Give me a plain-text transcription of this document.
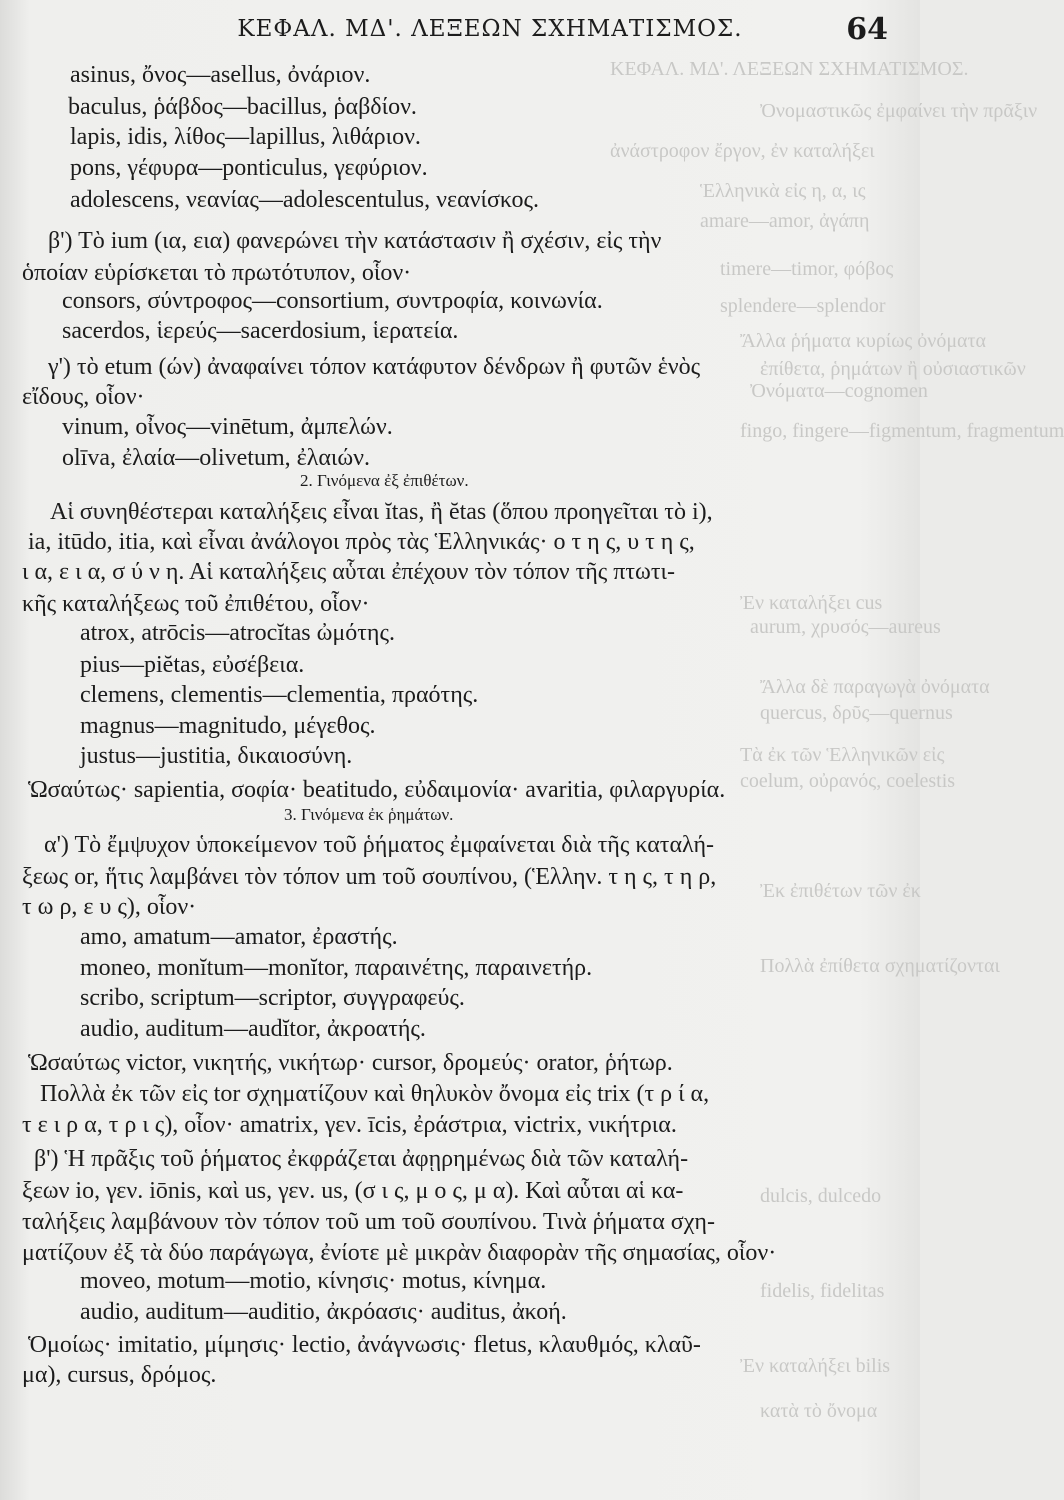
ΚΕΦΑΛ. ΜΔ'. ΛΕΞΕΩΝ ΣΧΗΜΑΤΙΣΜΟΣ.
Ὀνομαστικῶς ἐμφαίνει τὴν πρᾶξιν
ἀνάστροφον ἔργον, ἐν καταλήξει
Ἑλληνικὰ εἰς η, α, ις
amare—amor, ἀγάπη
timere—timor, φόβος
splendere—splendor
Ἄλλα ῥήματα κυρίως ὀνόματα
ἐπίθετα, ῥημάτων ἢ οὐσιαστικῶν
Ὀνόματα—cognomen
fingo, fingere—figmentum, fragmentum
Ἐν καταλήξει cus
aurum, χρυσός—aureus
Ἄλλα δὲ παραγωγὰ ὀνόματα
quercus, δρῦς—quernus
Τὰ ἐκ τῶν Ἑλληνικῶν εἰς
coelum, οὐρανός, coelestis
Ἐκ ἐπιθέτων τῶν ἐκ
Πολλὰ ἐπίθετα σχηματίζονται
dulcis, dulcedo
fidelis, fidelitas
Ἐν καταλήξει bilis
κατὰ τὸ ὄνομα
ΚΕΦΑΛ. ΜΔ'. ΛΕΞΕΩΝ ΣΧΗΜΑΤΙΣΜΟΣ.	64
asinus, ὄνος—asellus, ὀνάριον.
baculus, ῥάβδος—bacillus, ῥαβδίον.
lapis, idis, λίθος—lapillus, λιθάριον.
pons, γέφυρα—ponticulus, γεφύριον.
adolescens, νεανίας—adolescentulus, νεανίσκος.
β') Τὸ ium (ια, εια) φανερώνει τὴν κατάστασιν ἢ σχέσιν, εἰς τὴν
ὁποίαν εὑρίσκεται τὸ πρωτότυπον, οἷον·
consors, σύντροφος—consortium, συντροφία, κοινωνία.
sacerdos, ἱερεύς—sacerdosium, ἱερατεία.
γ') τὸ etum (ών) ἀναφαίνει τόπον κατάφυτον δένδρων ἢ φυτῶν ἑνὸς
εἴδους, οἷον·
vinum, οἶνος—vinētum, ἀμπελών.
olīva, ἐλαία—olivetum, ἐλαιών.
2. Γινόμενα ἐξ ἐπιθέτων.
Αἱ συνηθέστεραι καταλήξεις εἶναι ĭtas, ἢ ĕtas (ὅπου προηγεῖται τὸ i),
ia, itūdo, itia, καὶ εἶναι ἀνάλογοι πρὸς τὰς Ἑλληνικάς· ο τ η ς, υ τ η ς,
ι α, ε ι α, σ ύ ν η. Αἱ καταλήξεις αὗται ἐπέχουν τὸν τόπον τῆς πτωτι-
κῆς καταλήξεως τοῦ ἐπιθέτου, οἷον·
atrox, atrōcis—atrocĭtas ὠμότης.
pius—piĕtas, εὐσέβεια.
clemens, clementis—clementia, πραότης.
magnus—magnitudo, μέγεθος.
justus—justitia, δικαιοσύνη.
Ὡσαύτως· sapientia, σοφία· beatitudo, εὐδαιμονία· avaritia, φιλαργυρία.
3. Γινόμενα ἐκ ῥημάτων.
α') Τὸ ἔμψυχον ὑποκείμενον τοῦ ῥήματος ἐμφαίνεται διὰ τῆς καταλή-
ξεως or, ἥτις λαμβάνει τὸν τόπον um τοῦ σουπίνου, (Ἑλλην. τ η ς, τ η ρ,
τ ω ρ, ε υ ς), οἷον·
amo, amatum—amator, ἐραστής.
moneo, monĭtum—monĭtor, παραινέτης, παραινετήρ.
scribo, scriptum—scriptor, συγγραφεύς.
audio, auditum—audĭtor, ἀκροατής.
Ὡσαύτως victor, νικητής, νικήτωρ· cursor, δρομεύς· orator, ῥήτωρ.
Πολλὰ ἐκ τῶν εἰς tor σχηματίζουν καὶ θηλυκὸν ὄνομα εἰς trix (τ ρ ί α,
τ ε ι ρ α, τ ρ ι ς), οἷον· amatrix, γεν. īcis, ἐράστρια, victrix, νικήτρια.
β') Ἡ πρᾶξις τοῦ ῥήματος ἐκφράζεται ἀφῃρημένως διὰ τῶν καταλή-
ξεων io, γεν. iōnis, καὶ us, γεν. us, (σ ι ς, μ ο ς, μ α). Καὶ αὗται αἱ κα-
ταλήξεις λαμβάνουν τὸν τόπον τοῦ um τοῦ σουπίνου. Τινὰ ῥήματα σχη-
ματίζουν ἐξ τὰ δύο παράγωγα, ἐνίοτε μὲ μικρὰν διαφορὰν τῆς σημασίας, οἷον·
moveo, motum—motio, κίνησις· motus, κίνημα.
audio, auditum—auditio, ἀκρόασις· auditus, ἀκοή.
Ὁμοίως· imitatio, μίμησις· lectio, ἀνάγνωσις· fletus, κλαυθμός, κλαῦ-
μα), cursus, δρόμος.
